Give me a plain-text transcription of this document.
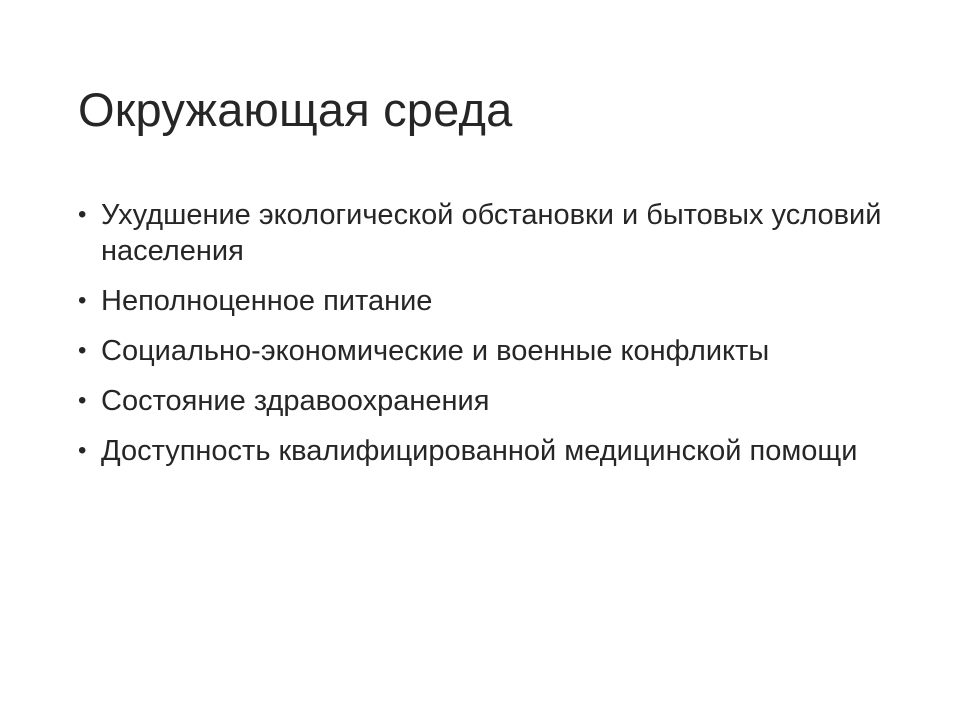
Окружающая среда
• Ухудшение экологической обстановки и бытовых условий населения
• Неполноценное питание
• Социально-экономические и военные конфликты
• Состояние здравоохранения
• Доступность квалифицированной медицинской помощи
